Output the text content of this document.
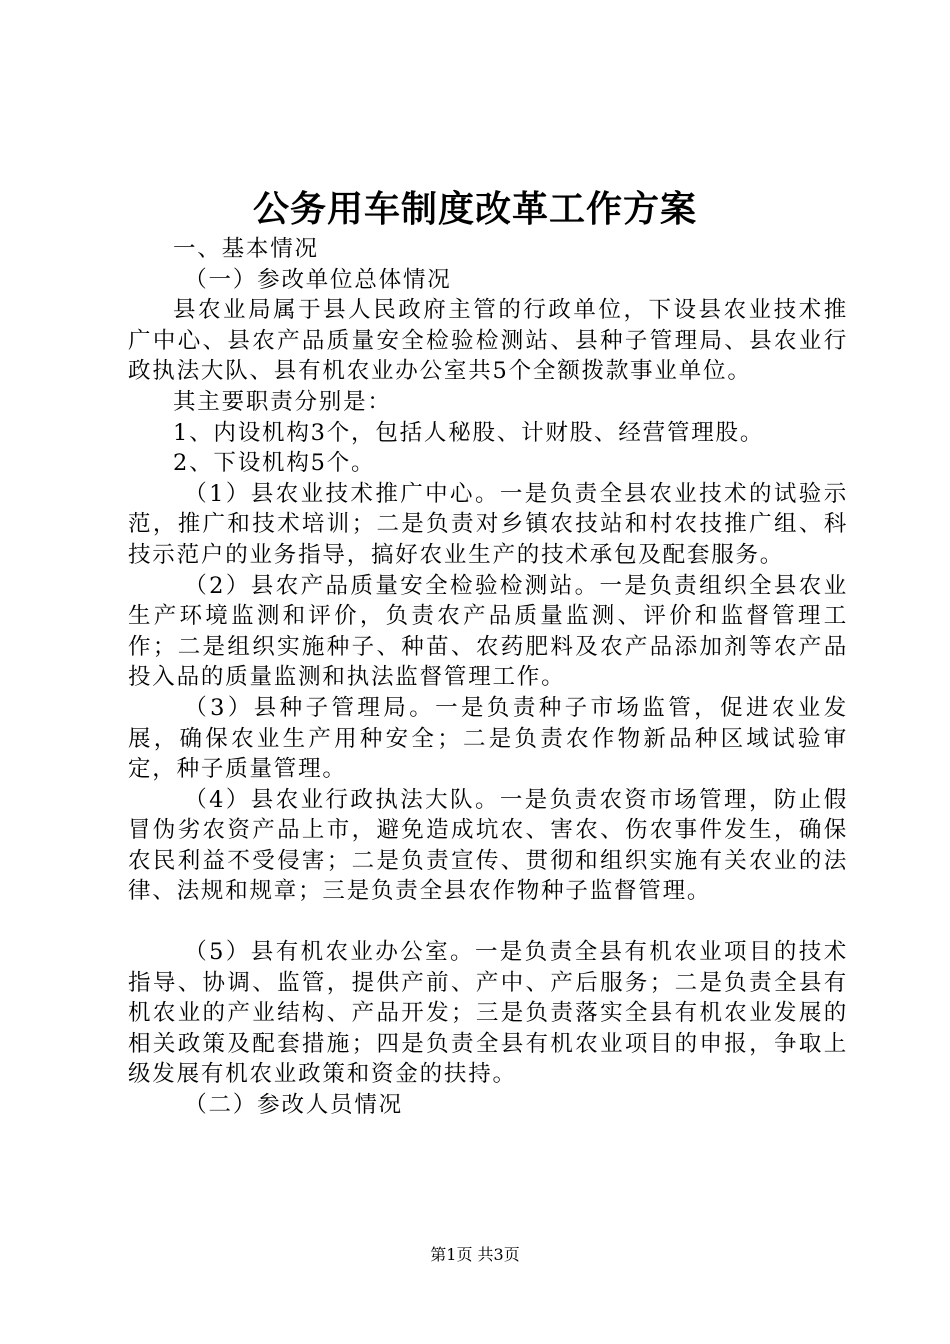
公务用车制度改革工作方案

一、基本情况

（一）参改单位总体情况

县农业局属于县人民政府主管的行政单位，下设县农业技术推广中心、县农产品质量安全检验检测站、县种子管理局、县农业行政执法大队、县有机农业办公室共5个全额拨款事业单位。

其主要职责分别是：

1、内设机构3个，包括人秘股、计财股、经营管理股。

2、下设机构5个。

（1）县农业技术推广中心。一是负责全县农业技术的试验示范，推广和技术培训；二是负责对乡镇农技站和村农技推广组、科技示范户的业务指导，搞好农业生产的技术承包及配套服务。

（2）县农产品质量安全检验检测站。一是负责组织全县农业生产环境监测和评价，负责农产品质量监测、评价和监督管理工作；二是组织实施种子、种苗、农药肥料及农产品添加剂等农产品投入品的质量监测和执法监督管理工作。

（3）县种子管理局。一是负责种子市场监管，促进农业发展，确保农业生产用种安全；二是负责农作物新品种区域试验审定，种子质量管理。

（4）县农业行政执法大队。一是负责农资市场管理，防止假冒伪劣农资产品上市，避免造成坑农、害农、伤农事件发生，确保农民利益不受侵害；二是负责宣传、贯彻和组织实施有关农业的法律、法规和规章；三是负责全县农作物种子监督管理。

（5）县有机农业办公室。一是负责全县有机农业项目的技术指导、协调、监管，提供产前、产中、产后服务；二是负责全县有机农业的产业结构、产品开发；三是负责落实全县有机农业发展的相关政策及配套措施；四是负责全县有机农业项目的申报，争取上级发展有机农业政策和资金的扶持。

（二）参改人员情况

第1页 共3页
